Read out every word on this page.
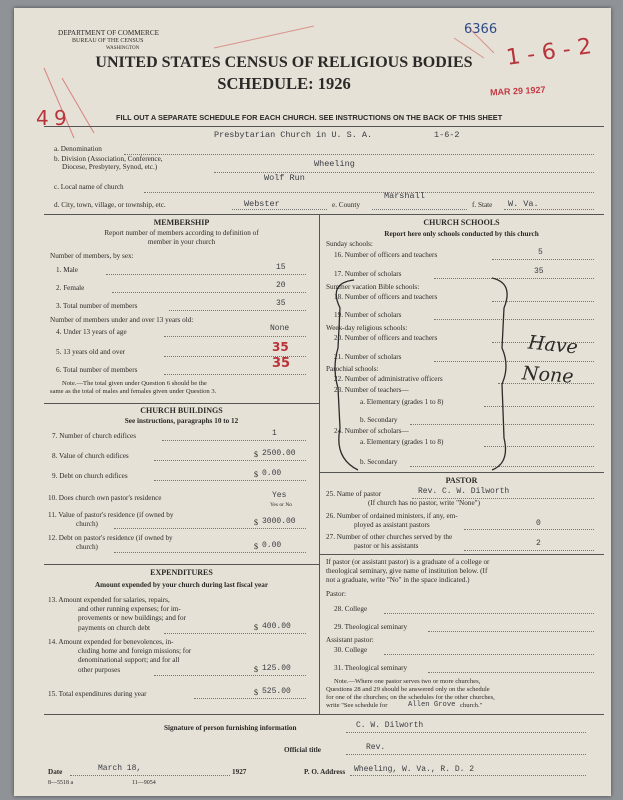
DEPARTMENT OF COMMERCE
BUREAU OF THE CENSUS
WASHINGTON
UNITED STATES CENSUS OF RELIGIOUS BODIES
SCHEDULE: 1926
FILL OUT A SEPARATE SCHEDULE FOR EACH CHURCH. SEE INSTRUCTIONS ON THE BACK OF THIS SHEET
6366
MAR 29 1927
4 9
1 - 6 - 2
Presbytarian Church in U. S. A.	1-6-2
a. Denomination
b. Division (Association, Conference,
Diocese, Presbytery, Synod, etc.)	Wheeling
Wolf Run
c. Local name of church
d. City, town, village, or township, etc.	Webster	e. County
Marshall
f. State W. Va.
MEMBERSHIP
Report number of members according to definition of
member in your church
Number of members, by sex:
1. Male	15
2. Female	20
3. Total number of members	35
Number of members under and over 13 years old:
4. Under 13 years of age	None
5. 13 years old and over	35
6. Total number of members	35
Note.—The total given under Question 6 should be the
same as the total of males and females given under Question 3.
CHURCH BUILDINGS
See instructions, paragraphs 10 to 12
7. Number of church edifices	1
8. Value of church edifices	$ 2500.00
9. Debt on church edifices	$ 0.00
10. Does church own pastor's residence	Yes
Yes or No
11. Value of pastor's residence (if owned by
church)	$ 3000.00
12. Debt on pastor's residence (if owned by
church)	$ 0.00
EXPENDITURES
Amount expended by your church during last fiscal year
13. Amount expended for salaries, repairs,
and other running expenses; for im-
provements or new buildings; and for
payments on church debt	$ 400.00
14. Amount expended for benevolences, in-
cluding home and foreign missions; for
denominational support; and for all
other purposes	$ 125.00
15. Total expenditures during year	$ 525.00
CHURCH SCHOOLS
Report here only schools conducted by this church
Sunday schools:
16. Number of officers and teachers	5
17. Number of scholars	35
Summer vacation Bible schools:
18. Number of officers and teachers
19. Number of scholars
Week-day religious schools:
20. Number of officers and teachers
21. Number of scholars
Parochial schools:
22. Number of administrative officers
23. Number of teachers—
a. Elementary (grades 1 to 8)
b. Secondary
24. Number of scholars—
a. Elementary (grades 1 to 8)
b. Secondary
Have
None
PASTOR
25. Name of pastor	Rev. C. W. Dilworth
(If church has no pastor, write "None")
26. Number of ordained ministers, if any, em-
ployed as assistant pastors	0
27. Number of other churches served by the
pastor or his assistants	2
If pastor (or assistant pastor) is a graduate of a college or
theological seminary, give name of institution below. (If
not a graduate, write "No" in the space indicated.)
Pastor:
28. College
29. Theological seminary
Assistant pastor:
30. College
31. Theological seminary
Note.—Where one pastor serves two or more churches,
Questions 28 and 29 should be answered only on the schedule
for one of the churches; on the schedules for the other churches,
write "See schedule for	Allen Grove church."
Signature of person furnishing information	C. W. Dilworth
Official title	Rev.
Date	March 18,	1927	P. O. Address Wheeling, W. Va., R. D. 2
8—5518 a	11—9054
